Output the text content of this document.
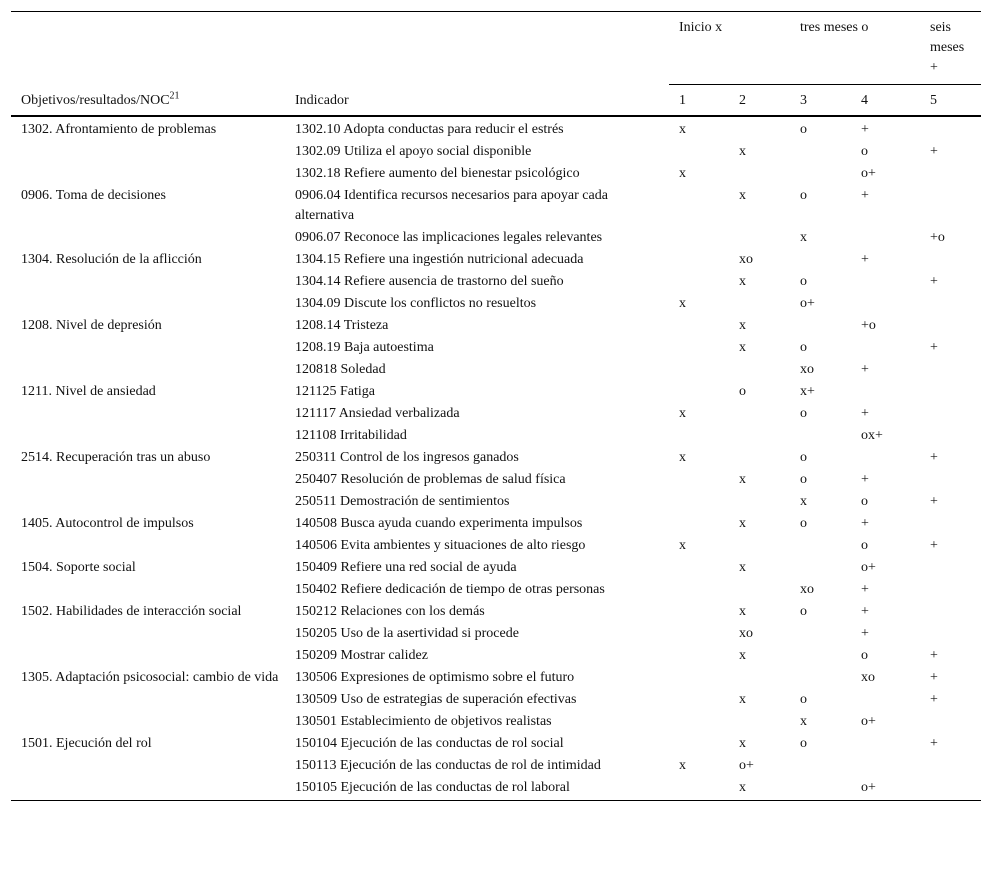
		Inicio x		tres meses o		seis meses +
Objetivos/$resultados/NOC^{21}$	Indicador	1	2	3	4	5
1302. Afrontamiento de problemas	1302.10 Adopta conductas para reducir el estrés	x		o	+	
	1302.09 Utiliza el apoyo social disponible		x		o	+
	1302.18 Refiere aumento del bienestar psicológico	x			o+	
0906. Toma de decisiones	0906.04 Identifica recursos necesarios para apoyar cada alternativa		x	o	+	
	0906.07 Reconoce las implicaciones legales relevantes			x		+o
1304. Resolución de la aflicción	1304.15 Refiere una ingestión nutricional adecuada		xo		+	
	1304.14 Refiere ausencia de trastorno del sueño		x	o		+
	1304.09 Discute los conflictos no resueltos	x		o+		
1208. Nivel de depresión	1208.14 Tristeza		x		+o	
	1208.19 Baja autoestima		x	o		+
	120818 Soledad			xo	+	
1211. Nivel de ansiedad	121125 Fatiga		o	x+		
	121117 Ansiedad verbalizada	x		o	+	
	121108 Irritabilidad				ox+	
2514. Recuperación tras un abuso	250311 Control de los ingresos ganados	x		o		+
	250407 Resolución de problemas de salud física		x	o	+	
	250511 Demostración de sentimientos			x	o	+
1405. Autocontrol de impulsos	140508 Busca ayuda cuando experimenta impulsos		x	o	+	
	140506 Evita ambientes y situaciones de alto riesgo	x			o	+
1504. Soporte social	150409 Refiere una red social de ayuda		x		o+	
	150402 Refiere dedicación de tiempo de otras personas			xo	+	
1502. Habilidades de interacción social	150212 Relaciones con los demás		x	o	+	
	150205 Uso de la asertividad si procede		xo		+	
	150209 Mostrar calidez		x		o	+
1305. Adaptación psicosocial: cambio de vida	130506 Expresiones de optimismo sobre el futuro				xo	+
	130509 Uso de estrategias de superación efectivas		x	o		+
	130501 Establecimiento de objetivos realistas			x	o+	
1501. Ejecución del rol	150104 Ejecución de las conductas de rol social		x	o		+
	150113 Ejecución de las conductas de rol de intimidad	x	o+			
	150105 Ejecución de las conductas de rol laboral		x		o+	
